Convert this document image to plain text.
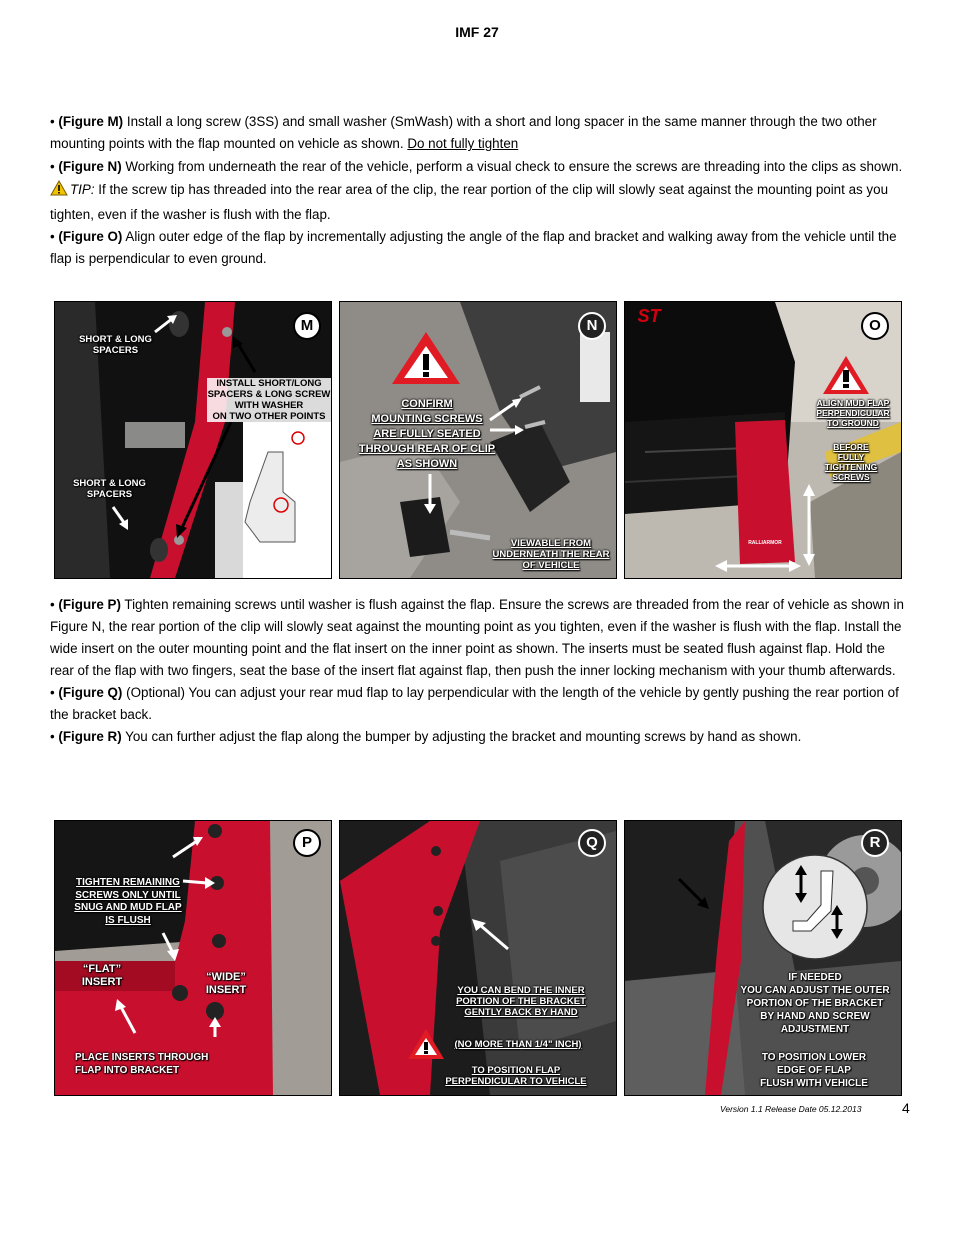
IMF 27

• (Figure M) Install a long screw (3SS) and small washer (SmWash) with a short and long spacer in the same manner through the two other mounting points with the flap mounted on vehicle as shown. Do not fully tighten

• (Figure N) Working from underneath the rear of the vehicle, perform a visual check to ensure the screws are threading into the clips as shown. TIP: If the screw tip has threaded into the rear area of the clip, the rear portion of the clip will slowly seat against the mounting point as you tighten, even if the washer is flush with the flap.

• (Figure O) Align outer edge of the flap by incrementally adjusting the angle of the flap and bracket and walking away from the vehicle until the flap is perpendicular to even ground.

M
SHORT & LONG
SPACERS
INSTALL SHORT/LONG
SPACERS & LONG SCREW
WITH WASHER
ON TWO OTHER POINTS
SHORT & LONG
SPACERS
N
CONFIRM
MOUNTING SCREWS
ARE FULLY SEATED
THROUGH REAR OF CLIP
AS SHOWN
VIEWABLE FROM
UNDERNEATH THE REAR
OF VEHICLE
ST	O
ALIGN MUD FLAP
PERPENDICULAR
TO GROUND
BEFORE
FULLY
TIGHTENING
SCREWS
RALLIARMOR

• (Figure P) Tighten remaining screws until washer is flush against the flap. Ensure the screws are threaded from the rear of vehicle as shown in Figure N, the rear portion of the clip will slowly seat against the mounting point as you tighten, even if the washer is flush with the flap. Install the wide insert on the outer mounting point and the flat insert on the inner point as shown. The inserts must be seated flush against flap. Hold the rear of the flap with two fingers, seat the base of the insert flat against flap, then push the inner locking mechanism with your thumb afterwards.

• (Figure Q) (Optional) You can adjust your rear mud flap to lay perpendicular with the length of the vehicle by gently pushing the rear portion of the bracket back.

• (Figure R) You can further adjust the flap along the bumper by adjusting the bracket and mounting screws by hand as shown.

P
TIGHTEN REMAINING
SCREWS ONLY UNTIL
SNUG AND MUD FLAP
IS FLUSH
“FLAT”
INSERT	“WIDE”
INSERT
PLACE INSERTS THROUGH
FLAP INTO BRACKET
Q
YOU CAN BEND THE INNER
PORTION OF THE BRACKET
GENTLY BACK BY HAND
(NO MORE THAN 1/4" INCH)
TO POSITION FLAP
PERPENDICULAR TO VEHICLE
R
IF NEEDED
YOU CAN ADJUST THE OUTER
PORTION OF THE BRACKET
BY HAND AND SCREW
ADJUSTMENT
TO POSITION LOWER
EDGE OF FLAP
FLUSH WITH VEHICLE
Version 1.1 Release Date 05.12.2013	4
